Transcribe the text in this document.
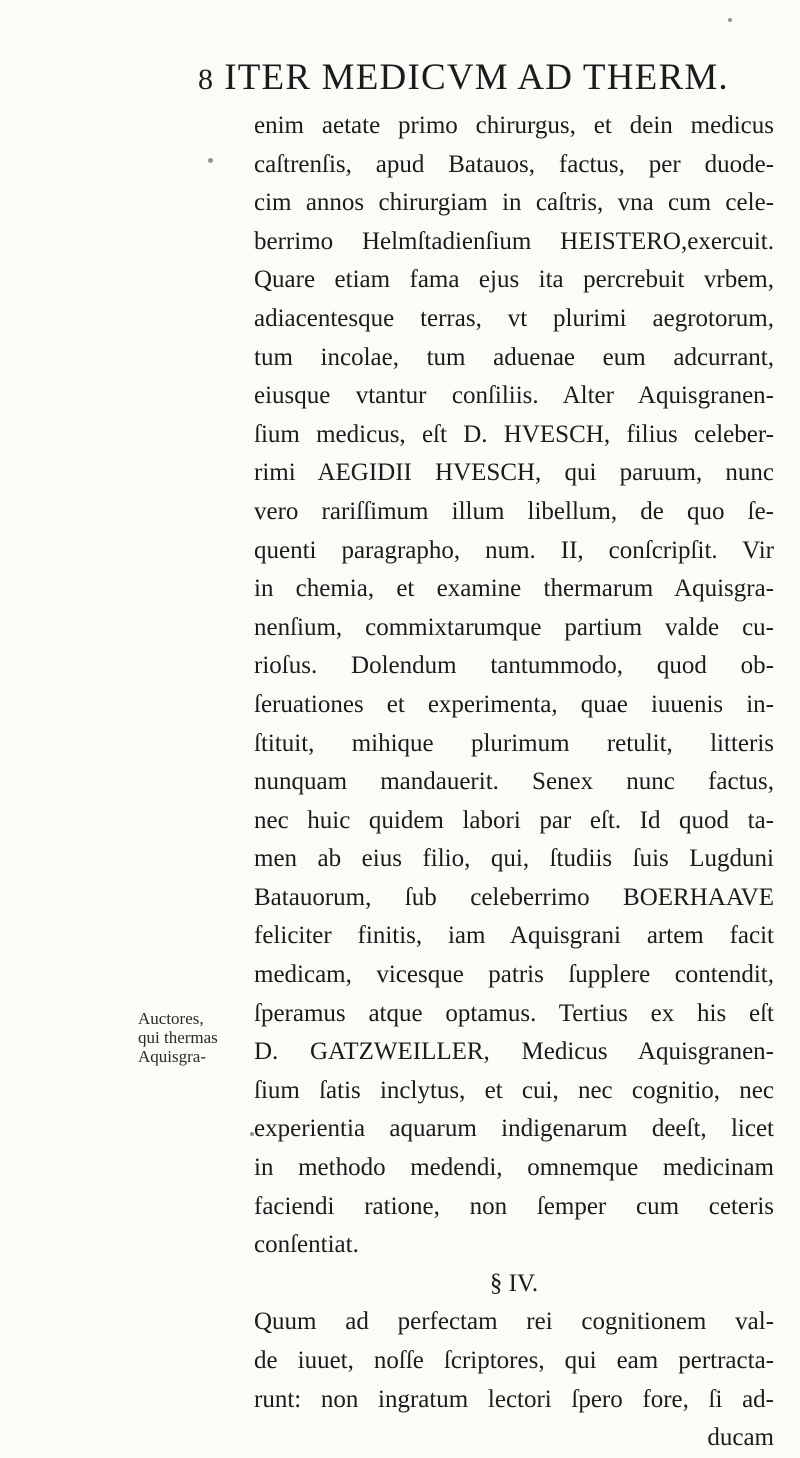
8 ITER MEDICVM AD THERM.
enim aetate primo chirurgus, et dein medicus
caſtrenſis, apud Batauos, factus, per duode-
cim annos chirurgiam in caſtris, vna cum cele-
berrimo Helmſtadienſium HEISTERO,exercuit.
Quare etiam fama ejus ita percrebuit vrbem,
adiacentesque terras, vt plurimi aegrotorum,
tum incolae, tum aduenae eum adcurrant,
eiusque vtantur conſiliis. Alter Aquisgranen-
ſium medicus, eſt D. HVESCH, filius celeber-
rimi AEGIDII HVESCH, qui paruum, nunc
vero rariſſimum illum libellum, de quo ſe-
quenti paragrapho, num. II, conſcripſit. Vir
in chemia, et examine thermarum Aquisgra-
nenſium, commixtarumque partium valde cu-
rioſus. Dolendum tantummodo, quod ob-
ſeruationes et experimenta, quae iuuenis in-
ſtituit, mihique plurimum retulit, litteris
nunquam mandauerit. Senex nunc factus,
nec huic quidem labori par eſt. Id quod ta-
men ab eius filio, qui, ſtudiis ſuis Lugduni
Batauorum, ſub celeberrimo BOERHAAVE
feliciter finitis, iam Aquisgrani artem facit
medicam, vicesque patris ſupplere contendit,
ſperamus atque optamus. Tertius ex his eſt
D. GATZWEILLER, Medicus Aquisgranen-
ſium ſatis inclytus, et cui, nec cognitio, nec
experientia aquarum indigenarum deeſt, licet
in methodo medendi, omnemque medicinam
faciendi ratione, non ſemper cum ceteris
conſentiat.
§ IV.
Quum ad perfectam rei cognitionem val-
de iuuet, noſſe ſcriptores, qui eam pertracta-
runt: non ingratum lectori ſpero fore, ſi ad-
ducam
Auctores,
qui thermas
Aquisgra-
